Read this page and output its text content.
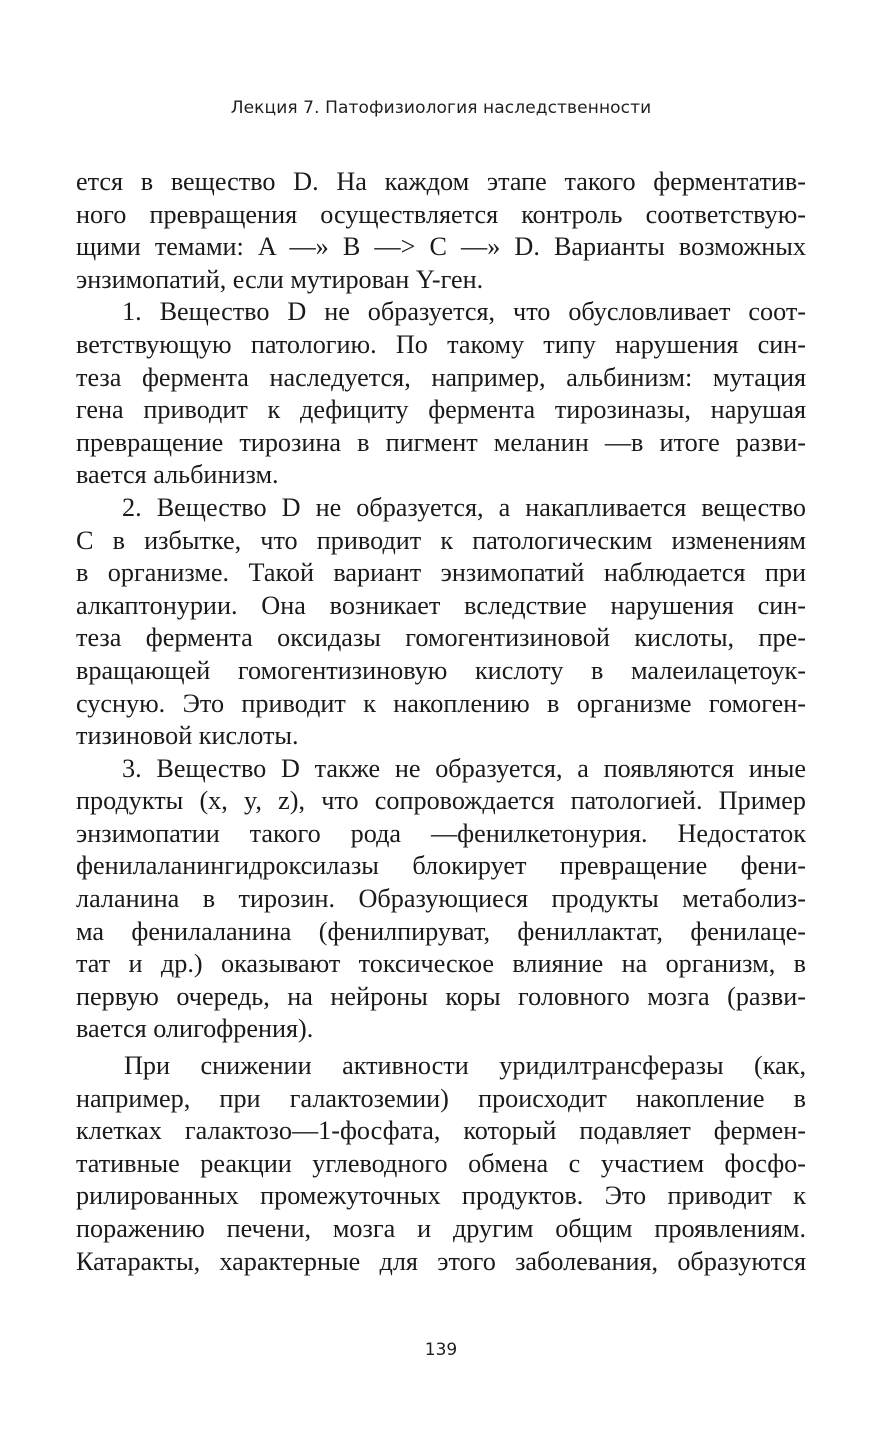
Лекция 7. Патофизиология наследственности
ется в вещество D. На каждом этапе такого ферментатив-
ного превращения осуществляется контроль соответствую-
щими темами: A —» B —> C —» D. Варианты возможных
энзимопатий, если мутирован Y-ген.
1. Вещество D не образуется, что обусловливает соот-
ветствующую патологию. По такому типу нарушения син-
теза фермента наследуется, например, альбинизм: мутация
гена приводит к дефициту фермента тирозиназы, нарушая
превращение тирозина в пигмент меланин —в итоге разви-
вается альбинизм.
2. Вещество D не образуется, а накапливается вещество
C в избытке, что приводит к патологическим изменениям
в организме. Такой вариант энзимопатий наблюдается при
алкаптонурии. Она возникает вследствие нарушения син-
теза фермента оксидазы гомогентизиновой кислоты, пре-
вращающей гомогентизиновую кислоту в малеилацетоук-
сусную. Это приводит к накоплению в организме гомоген-
тизиновой кислоты.
3. Вещество D также не образуется, а появляются иные
продукты (x, y, z), что сопровождается патологией. Пример
энзимопатии такого рода —фенилкетонурия. Недостаток
фенилаланингидроксилазы блокирует превращение фени-
лаланина в тирозин. Образующиеся продукты метаболиз-
ма фенилаланина (фенилпируват, фениллактат, фенилаце-
тат и др.) оказывают токсическое влияние на организм, в
первую очередь, на нейроны коры головного мозга (разви-
вается олигофрения).
При снижении активности уридилтрансферазы (как,
например, при галактоземии) происходит накопление в
клетках галактозо—1-фосфата, который подавляет фермен-
тативные реакции углеводного обмена с участием фосфо-
рилированных промежуточных продуктов. Это приводит к
поражению печени, мозга и другим общим проявлениям.
Катаракты, характерные для этого заболевания, образуются
139
